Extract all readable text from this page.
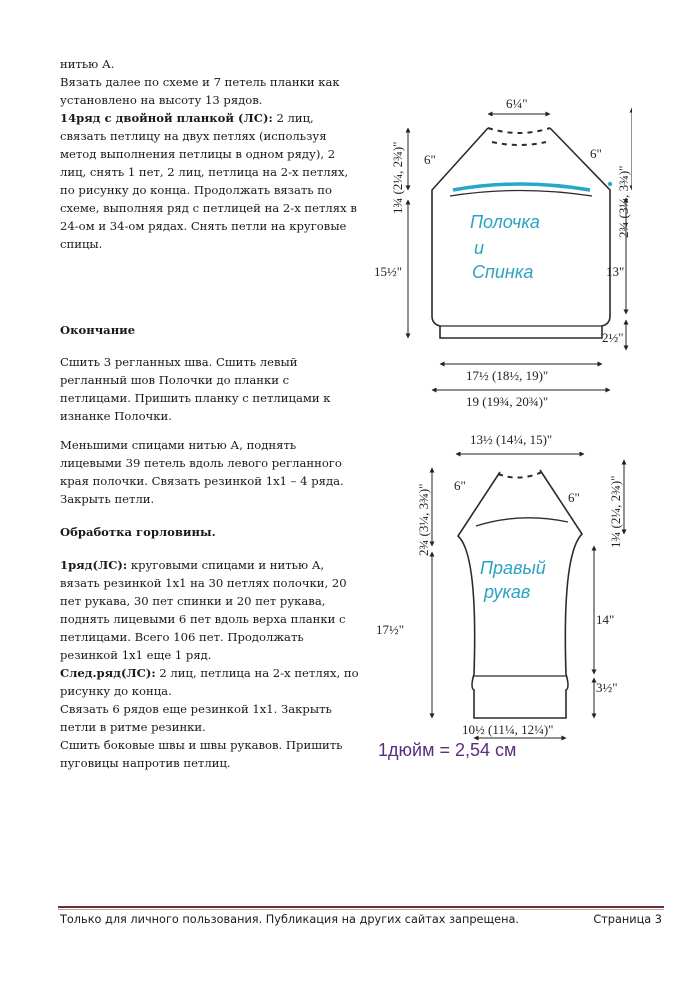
нитью А.

Вязать далее по схеме и 7 петель планки как установлено на высоту 13 рядов.

14ряд с двойной планкой (ЛС): 2 лиц, связать петлицу на двух петлях (используя метод выполнения петлицы в одном ряду), 2 лиц, снять 1 пет, 2 лиц, петлица на 2-х петлях, по рисунку до конца. Продолжать вязать по схеме, выполняя ряд с петлицей на 2-х петлях в 24-ом и 34-ом рядах. Снять петли на круговые спицы.

Окончание

Сшить 3 регланных шва. Сшить левый регланный шов Полочки до планки с петлицами. Пришить планку с петлицами к изнанке Полочки.

Меньшими спицами нитью А, поднять лицевыми 39 петель вдоль левого регланного края полочки. Связать резинкой 1х1 – 4 ряда. Закрыть петли.

Обработка горловины.

1ряд(ЛС): круговыми спицами и нитью А, вязать резинкой 1х1 на 30 петлях полочки, 20 пет рукава, 30 пет спинки и 20 пет рукава, поднять лицевыми 6 пет вдоль верха планки с петлицами. Всего 106 пет. Продолжать резинкой 1х1 еще 1 ряд.

След.ряд(ЛС): 2 лиц, петлица на 2-х петлях, по рисунку до конца.

Связать 6 рядов еще резинкой 1х1. Закрыть петли в ритме резинки.

Сшить боковые швы и швы рукавов. Пришить пуговицы напротив петлиц.

6¼"
1¾ (2¼, 2¾)"
15½"
6"	6"
2¾ (3¼, 3¾)"
13"
2½"
Полочка
и
Спинка
17½ (18½, 19)"
19 (19¾, 20¾)"
13½ (14¼, 15)"
6"
2¾ (3¼, 3¾)"
17½"
6" 1¾ (2¼, 2¾)"
14"
3½"
Правый
рукав
10½ (11¼, 12¼)"
1дюйм = 2,54 см
Только для личного пользования. Публикация на других сайтах запрещена.	Страница 3
